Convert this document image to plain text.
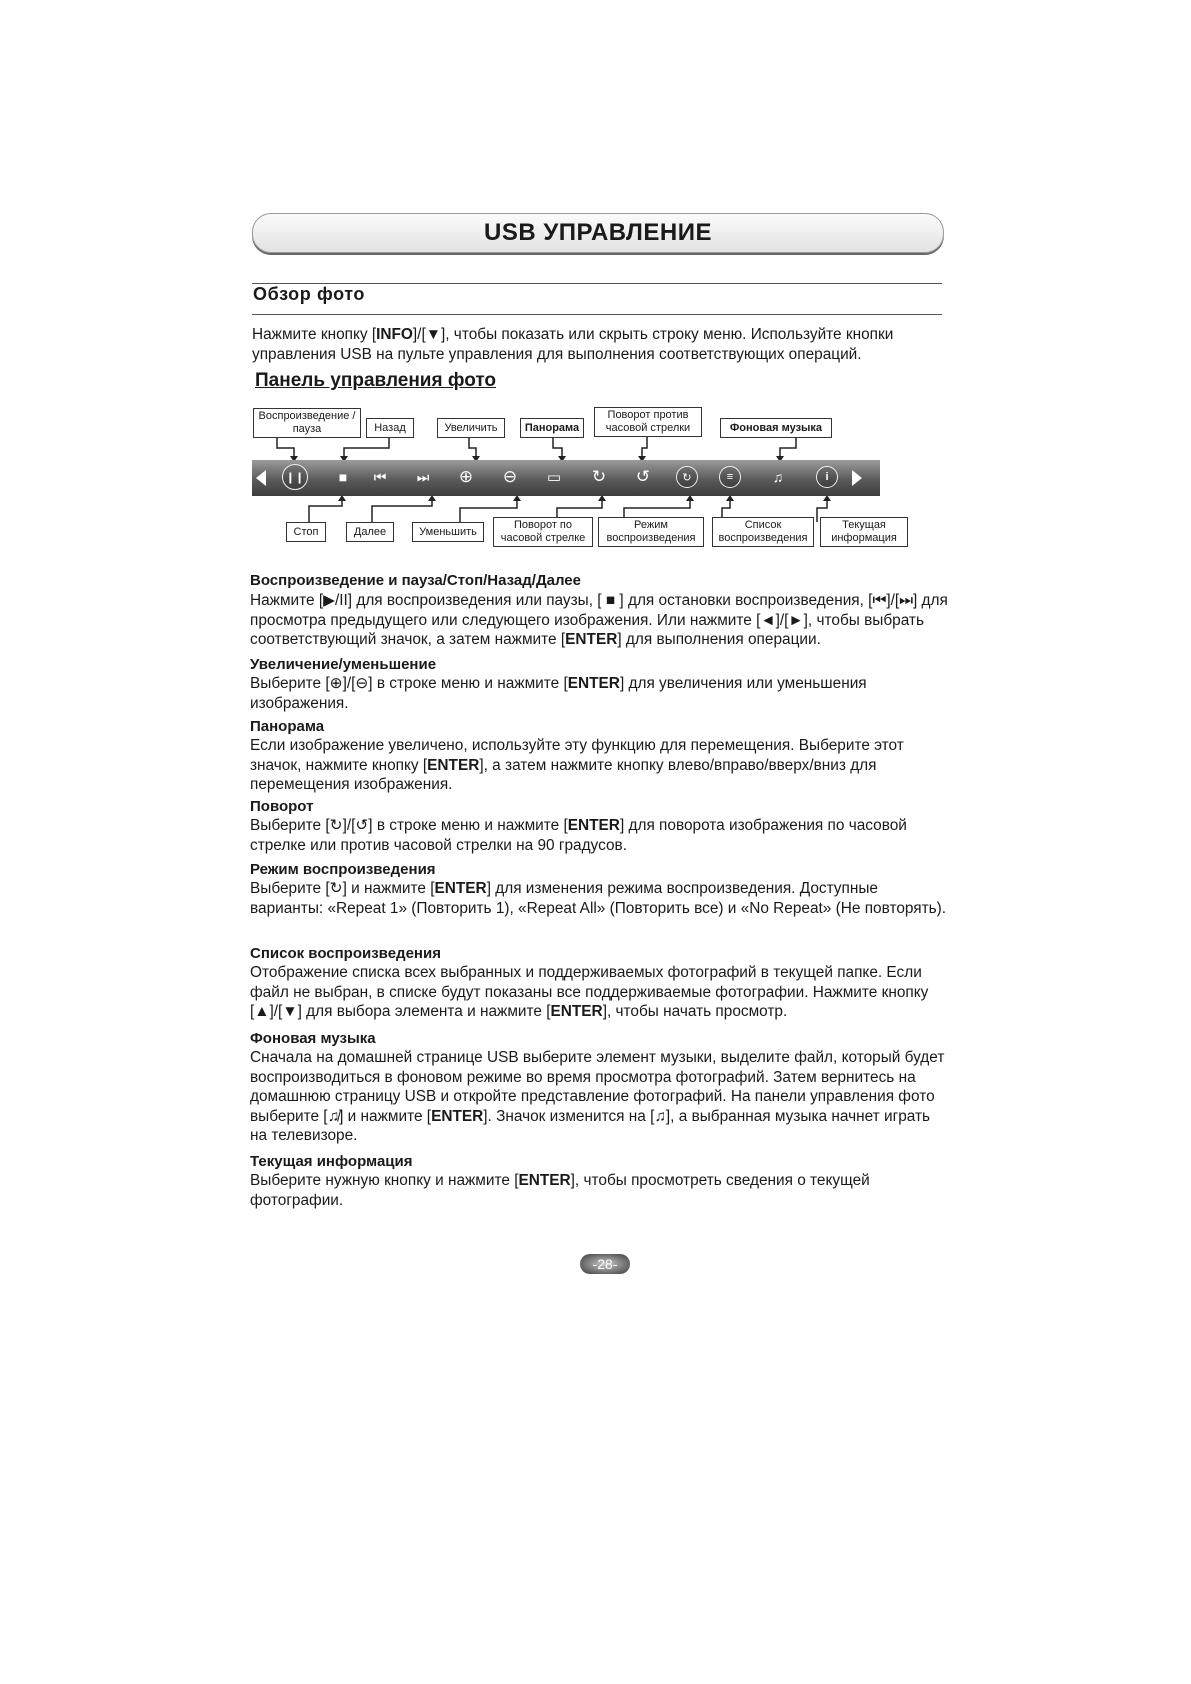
USB УПРАВЛЕНИЕ
Обзор фото
Нажмите кнопку [INFO]/[▼], чтобы показать или скрыть строку меню. Используйте кнопки управления USB на пульте управления для выполнения соответствующих операций.
Панель управления фото
Воспроизведение /пауза	Назад	Увеличить	Панорама
Поворот против часовой стрелки	Фоновая музыка
❙❙	■	⏮	⏭ ⊕ ⊖ ▭ ↻ ↺	↻	≡	♫	i
Стоп	Далее	Уменьшить
Поворот по часовой стрелке
Режим воспроизведения
Список воспроизведения
Текущая информация
Воспроизведение и пауза/Стоп/Назад/Далее
Нажмите [▶/II] для воспроизведения или паузы, [ ■ ] для остановки воспроизведения, [⏮]/[⏭] для просмотра предыдущего или следующего изображения. Или нажмите [◄]/[►], чтобы выбрать соответствующий значок, а затем нажмите [ENTER] для выполнения операции.
Увеличение/уменьшение
Выберите [⊕]/[⊖] в строке меню и нажмите [ENTER] для увеличения или уменьшения изображения.
Панорама
Если изображение увеличено, используйте эту функцию для перемещения. Выберите этот значок, нажмите кнопку [ENTER], а затем нажмите кнопку влево/вправо/вверх/вниз для перемещения изображения.
Поворот
Выберите [↻]/[↺] в строке меню и нажмите [ENTER] для поворота изображения по часовой стрелке или против часовой стрелки на 90 градусов.
Режим воспроизведения
Выберите [↻] и нажмите [ENTER] для изменения режима воспроизведения. Доступные варианты: «Repeat 1» (Повторить 1), «Repeat All» (Повторить все) и «No Repeat» (Не повторять).
Список воспроизведения
Отображение списка всех выбранных и поддерживаемых фотографий в текущей папке. Если файл не выбран, в списке будут показаны все поддерживаемые фотографии. Нажмите кнопку [▲]/[▼] для выбора элемента и нажмите [ENTER], чтобы начать просмотр.
Фоновая музыка
Сначала на домашней странице USB выберите элемент музыки, выделите файл, который будет воспроизводиться в фоновом режиме во время просмотра фотографий. Затем вернитесь на домашнюю страницу USB и откройте представление фотографий. На панели управления фото выберите [♫̸] и нажмите [ENTER]. Значок изменится на [♫], а выбранная музыка начнет играть на телевизоре.
Текущая информация
Выберите нужную кнопку и нажмите [ENTER], чтобы просмотреть сведения о текущей фотографии.
-28-
